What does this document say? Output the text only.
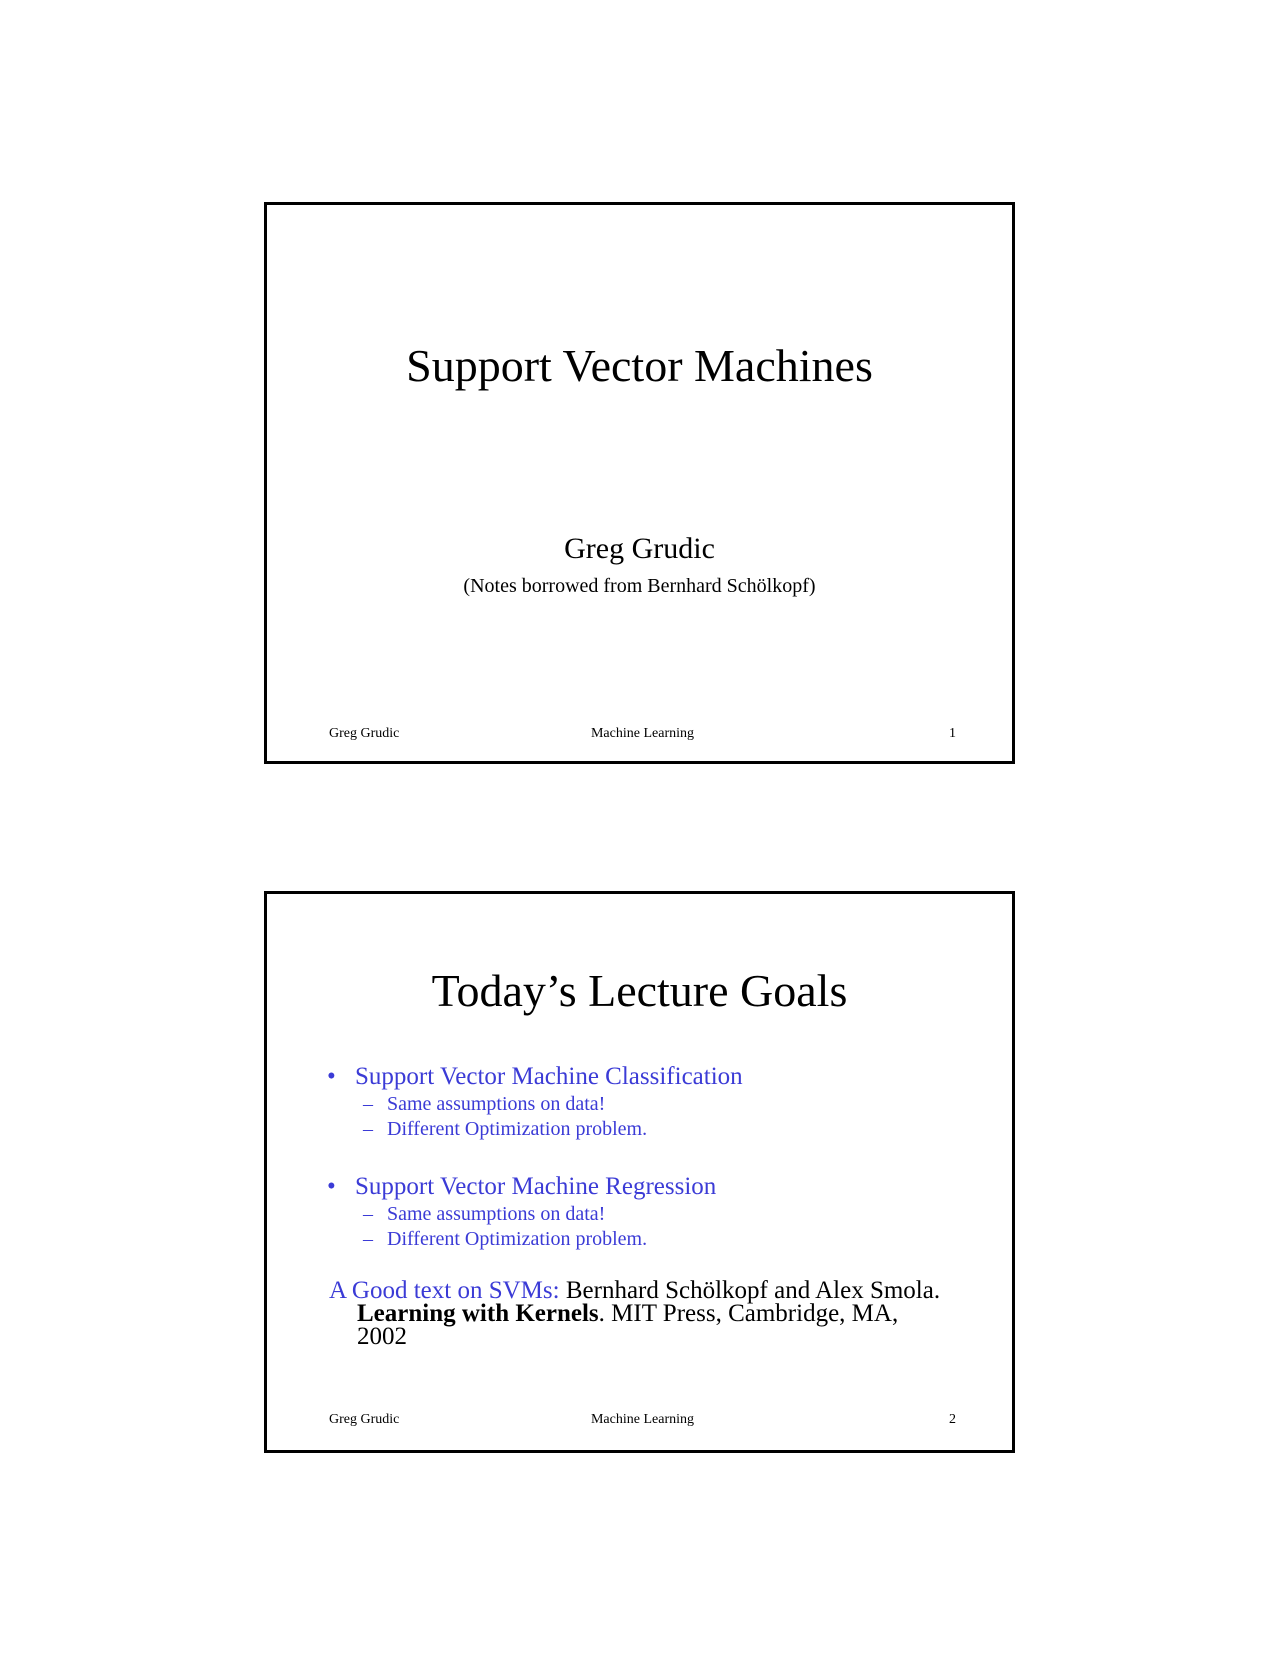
Support Vector Machines
Greg Grudic
(Notes borrowed from Bernhard Schölkopf)
Machine Learning
Greg Grudic	1
Today’s Lecture Goals
• Support Vector Machine Classification
– Same assumptions on data!
– Different Optimization problem.
• Support Vector Machine Regression
– Same assumptions on data!
– Different Optimization problem.
A Good text on SVMs: Bernhard Schölkopf and Alex Smola.
Learning with Kernels. MIT Press, Cambridge, MA,
2002
Machine Learning
Greg Grudic	2
